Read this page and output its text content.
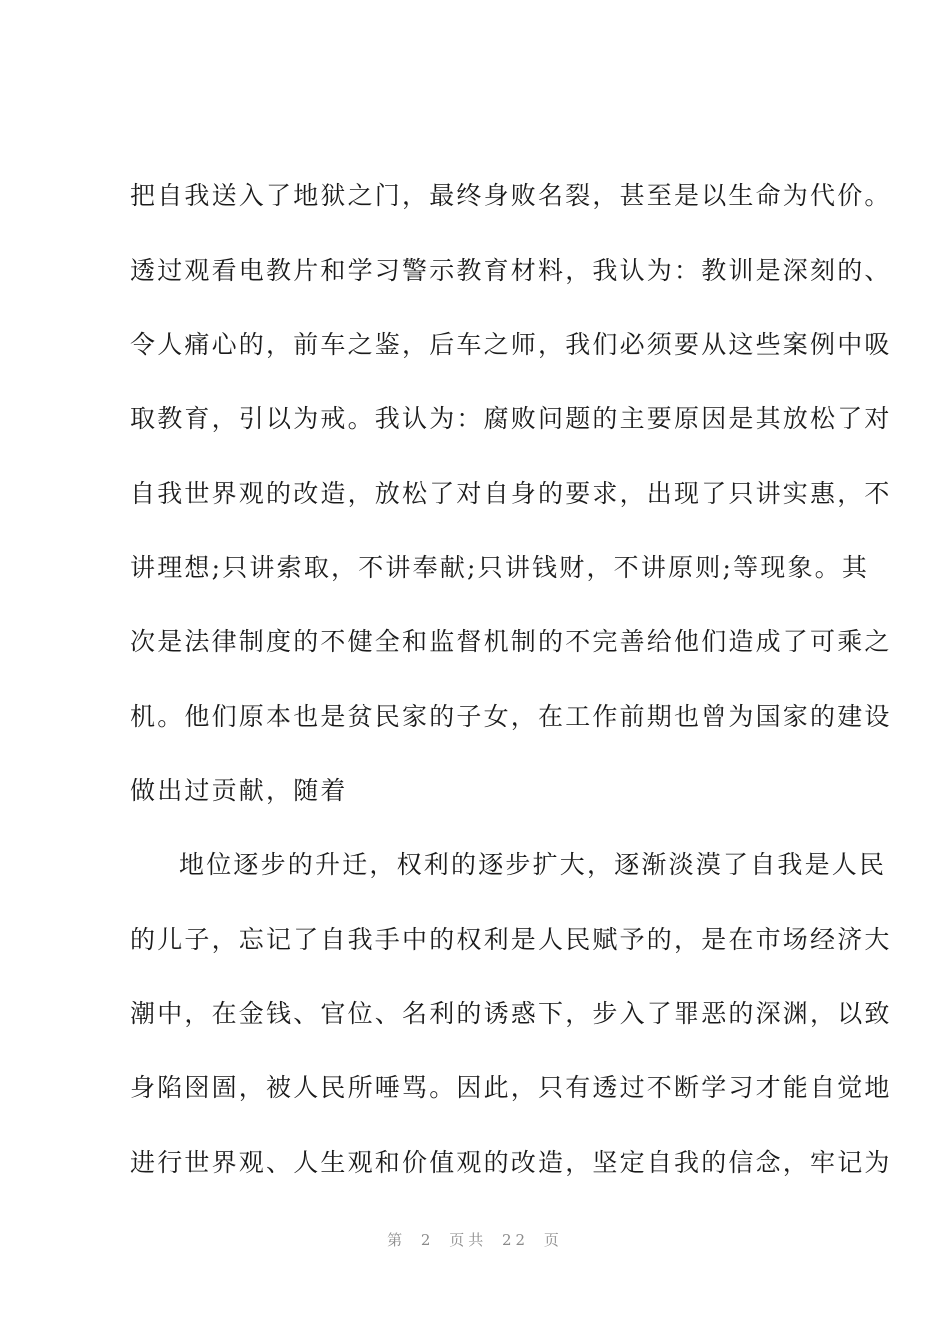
把自我送入了地狱之门，最终身败名裂，甚至是以生命为代价。
透过观看电教片和学习警示教育材料，我认为：教训是深刻的、
令人痛心的，前车之鉴，后车之师，我们必须要从这些案例中吸
取教育，引以为戒。我认为：腐败问题的主要原因是其放松了对
自我世界观的改造，放松了对自身的要求，出现了只讲实惠，不
讲理想;只讲索取，不讲奉献;只讲钱财，不讲原则;等现象。其
次是法律制度的不健全和监督机制的不完善给他们造成了可乘之
机。他们原本也是贫民家的子女，在工作前期也曾为国家的建设
做出过贡献，随着
地位逐步的升迁，权利的逐步扩大，逐渐淡漠了自我是人民
的儿子，忘记了自我手中的权利是人民赋予的，是在市场经济大
潮中，在金钱、官位、名利的诱惑下，步入了罪恶的深渊，以致
身陷囹圄，被人民所唾骂。因此，只有透过不断学习才能自觉地
进行世界观、人生观和价值观的改造，坚定自我的信念，牢记为
第 2 页共 22 页
